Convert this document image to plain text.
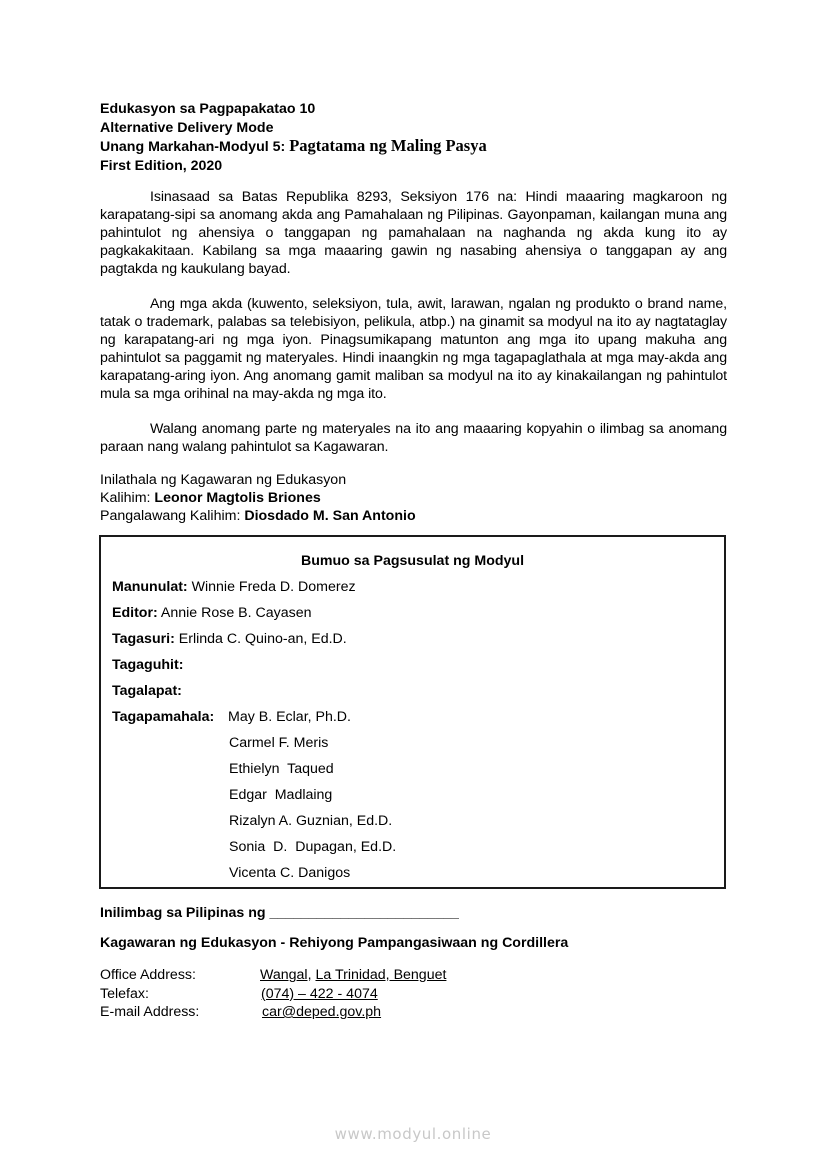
Edukasyon sa Pagpapakatao 10
Alternative Delivery Mode
Unang Markahan-Modyul 5: Pagtatama ng Maling Pasya
First Edition, 2020

Isinasaad sa Batas Republika 8293, Seksiyon 176 na: Hindi maaaring magkaroon ng karapatang-sipi sa anomang akda ang Pamahalaan ng Pilipinas. Gayonpaman, kailangan muna ang pahintulot ng ahensiya o tanggapan ng pamahalaan na naghanda ng akda kung ito ay pagkakakitaan. Kabilang sa mga maaaring gawin ng nasabing ahensiya o tanggapan ay ang pagtakda ng kaukulang bayad.

Ang mga akda (kuwento, seleksiyon, tula, awit, larawan, ngalan ng produkto o brand name, tatak o trademark, palabas sa telebisiyon, pelikula, atbp.) na ginamit sa modyul na ito ay nagtataglay ng karapatang-ari ng mga iyon. Pinagsumikapang matunton ang mga ito upang makuha ang pahintulot sa paggamit ng materyales. Hindi inaangkin ng mga tagapaglathala at mga may-akda ang karapatang-aring iyon. Ang anomang gamit maliban sa modyul na ito ay kinakailangan ng pahintulot mula sa mga orihinal na may-akda ng mga ito.

Walang anomang parte ng materyales na ito ang maaaring kopyahin o ilimbag sa anomang paraan nang walang pahintulot sa Kagawaran.

Inilathala ng Kagawaran ng Edukasyon
Kalihim: Leonor Magtolis Briones
Pangalawang Kalihim: Diosdado M. San Antonio
Bumuo sa Pagsusulat ng Modyul
Manunulat: Winnie Freda D. Domerez
Editor: Annie Rose B. Cayasen
Tagasuri: Erlinda C. Quino-an, Ed.D.
Tagaguhit:
Tagalapat:
Tagapamahala: May B. Eclar, Ph.D.
Carmel F. Meris
Ethielyn  Taqued
Edgar  Madlaing
Rizalyn A. Guznian, Ed.D.
Sonia  D.  Dupagan, Ed.D.
Vicenta C. Danigos
Inilimbag sa Pilipinas ng ________________________
Kagawaran ng Edukasyon - Rehiyong Pampangasiwaan ng Cordillera
Office Address:	Wangal, La Trinidad, Benguet
Telefax:	(074) – 422 - 4074
E-mail Address:	car@deped.gov.ph
www.modyul.online
